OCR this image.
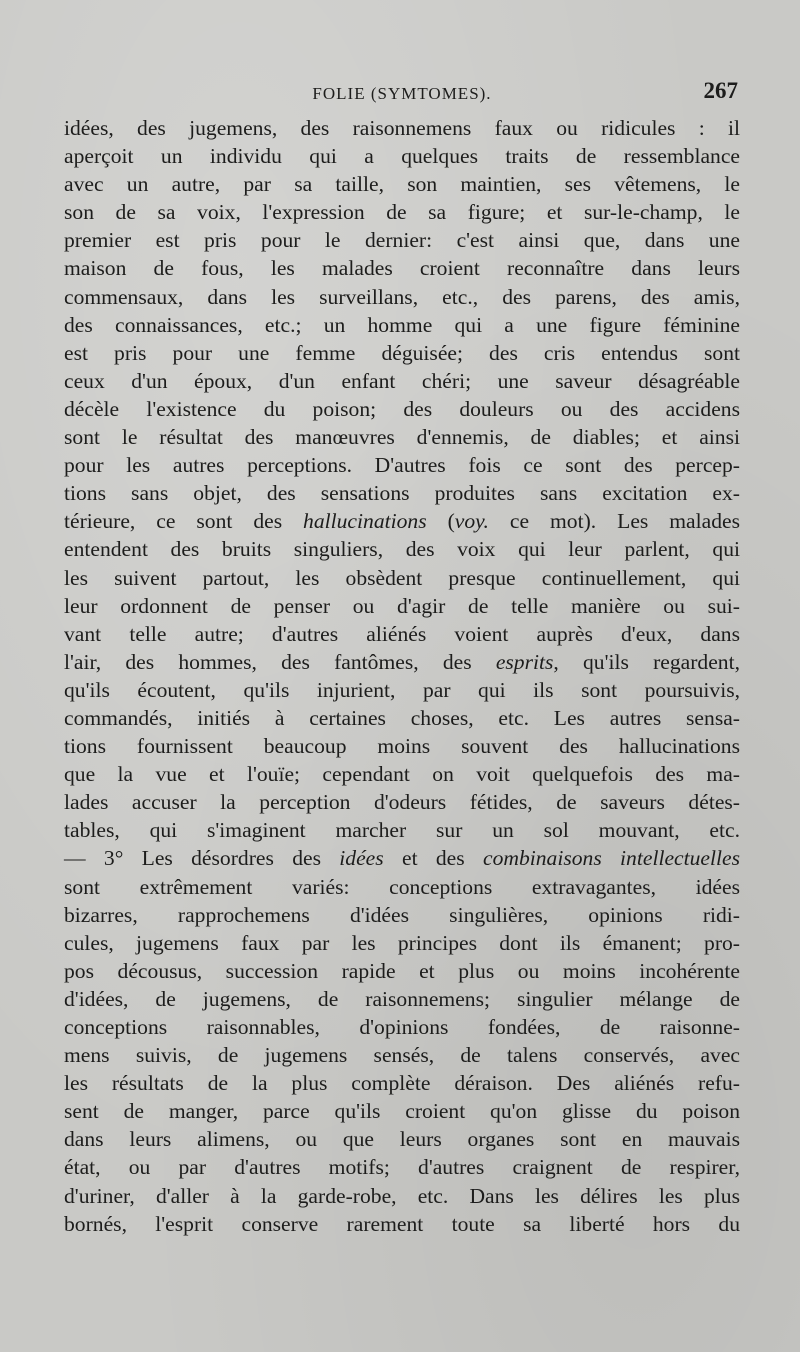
FOLIE (SYMTOMES).	267
idées, des jugemens, des raisonnemens faux ou ridicules : il
aperçoit un individu qui a quelques traits de ressemblance
avec un autre, par sa taille, son maintien, ses vêtemens, le
son de sa voix, l'expression de sa figure; et sur-le-champ, le
premier est pris pour le dernier: c'est ainsi que, dans une
maison de fous, les malades croient reconnaître dans leurs
commensaux, dans les surveillans, etc., des parens, des amis,
des connaissances, etc.; un homme qui a une figure féminine
est pris pour une femme déguisée; des cris entendus sont
ceux d'un époux, d'un enfant chéri; une saveur désagréable
décèle l'existence du poison; des douleurs ou des accidens
sont le résultat des manœuvres d'ennemis, de diables; et ainsi
pour les autres perceptions. D'autres fois ce sont des percep-
tions sans objet, des sensations produites sans excitation ex-
térieure, ce sont des hallucinations (voy. ce mot). Les malades
entendent des bruits singuliers, des voix qui leur parlent, qui
les suivent partout, les obsèdent presque continuellement, qui
leur ordonnent de penser ou d'agir de telle manière ou sui-
vant telle autre; d'autres aliénés voient auprès d'eux, dans
l'air, des hommes, des fantômes, des esprits, qu'ils regardent,
qu'ils écoutent, qu'ils injurient, par qui ils sont poursuivis,
commandés, initiés à certaines choses, etc. Les autres sensa-
tions fournissent beaucoup moins souvent des hallucinations
que la vue et l'ouïe; cependant on voit quelquefois des ma-
lades accuser la perception d'odeurs fétides, de saveurs détes-
tables, qui s'imaginent marcher sur un sol mouvant, etc.
— 3° Les désordres des idées et des combinaisons intellectuelles
sont extrêmement variés: conceptions extravagantes, idées
bizarres, rapprochemens d'idées singulières, opinions ridi-
cules, jugemens faux par les principes dont ils émanent; pro-
pos décousus, succession rapide et plus ou moins incohérente
d'idées, de jugemens, de raisonnemens; singulier mélange de
conceptions raisonnables, d'opinions fondées, de raisonne-
mens suivis, de jugemens sensés, de talens conservés, avec
les résultats de la plus complète déraison. Des aliénés refu-
sent de manger, parce qu'ils croient qu'on glisse du poison
dans leurs alimens, ou que leurs organes sont en mauvais
état, ou par d'autres motifs; d'autres craignent de respirer,
d'uriner, d'aller à la garde-robe, etc. Dans les délires les plus
bornés, l'esprit conserve rarement toute sa liberté hors du
